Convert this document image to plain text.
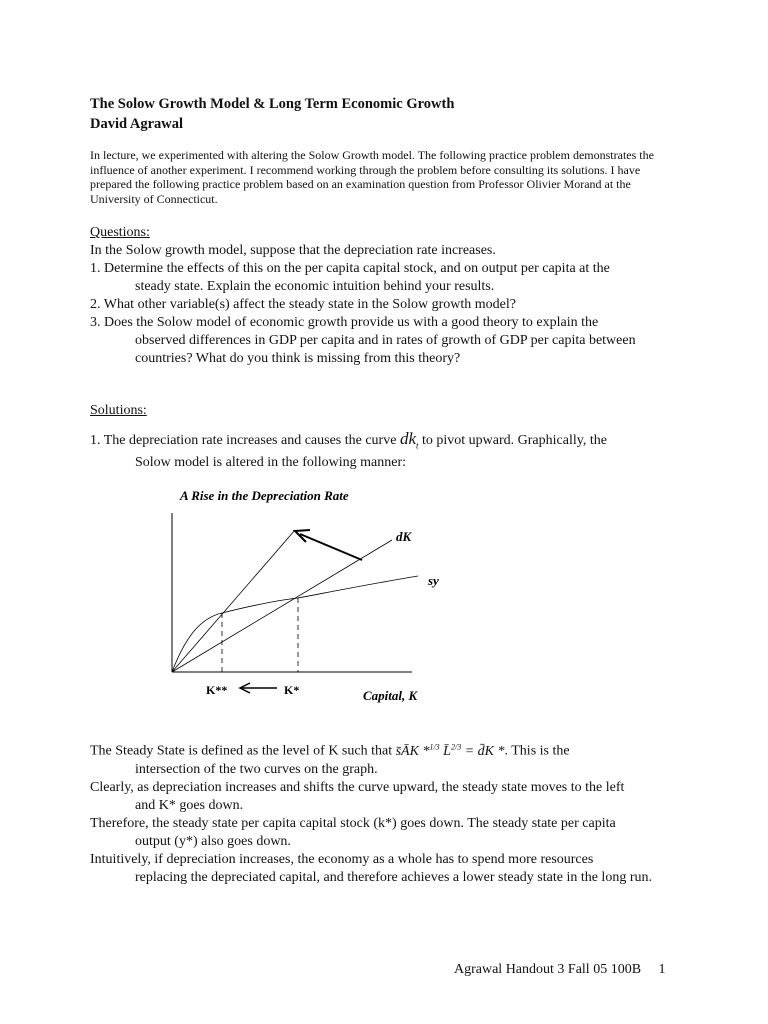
The Solow Growth Model & Long Term Economic Growth
David Agrawal
In lecture, we experimented with altering the Solow Growth model. The following practice problem demonstrates the influence of another experiment. I recommend working through the problem before consulting its solutions. I have prepared the following practice problem based on an examination question from Professor Olivier Morand at the University of Connecticut.
Questions:
In the Solow growth model, suppose that the depreciation rate increases.
1. Determine the effects of this on the per capita capital stock, and on output per capita at the
steady state. Explain the economic intuition behind your results.
2. What other variable(s) affect the steady state in the Solow growth model?
3. Does the Solow model of economic growth provide us with a good theory to explain the
observed differences in GDP per capita and in rates of growth of GDP per capita between countries? What do you think is missing from this theory?
Solutions:
1. The depreciation rate increases and causes the curve $dk_t$ to pivot upward. Graphically, the
Solow model is altered in the following manner:
A Rise in the Depreciation Rate
dK
sy
K**	K*	Capital, K
The Steady State is defined as the level of K such that s̄ĀK *$^{1/3}$ L̄$^{2/3}$ = d̄K *. This is the
intersection of the two curves on the graph.
Clearly, as depreciation increases and shifts the curve upward, the steady state moves to the left
and K* goes down.
Therefore, the steady state per capita capital stock (k*) goes down. The steady state per capita
output (y*) also goes down.
Intuitively, if depreciation increases, the economy as a whole has to spend more resources
replacing the depreciated capital, and therefore achieves a lower steady state in the long run.
Agrawal Handout 3 Fall 05 100B 1
